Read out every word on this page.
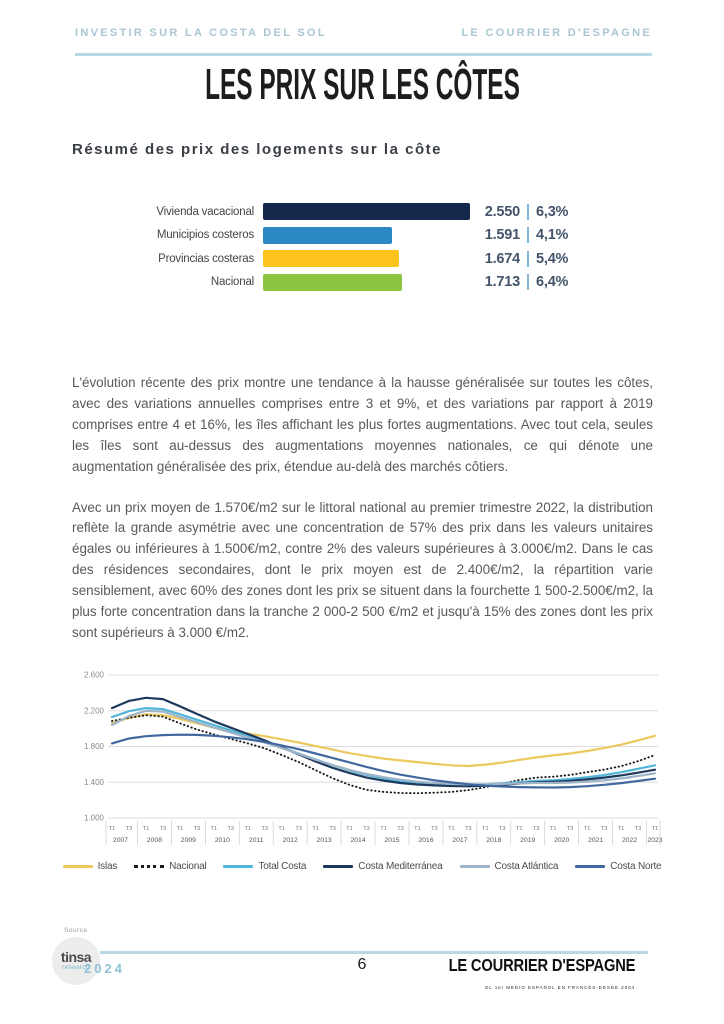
INVESTIR SUR LA COSTA DEL SOL	LE COURRIER D'ESPAGNE
LES PRIX SUR LES CÔTES
Résumé des prix des logements sur la côte
Vivienda vacacional	2.550 6,3%
Municipios costeros	1.591 4,1%
Provincias costeras	1.674 5,4%
Nacional	1.713 6,4%

L'évolution récente des prix montre une tendance à la hausse généralisée sur toutes les côtes, avec des variations annuelles comprises entre 3 et 9%, et des variations par rapport à 2019 comprises entre 4 et 16%, les îles affichant les plus fortes augmentations. Avec tout cela, seules les îles sont au-dessus des augmentations moyennes nationales, ce qui dénote une augmentation généralisée des prix, étendue au-delà des marchés côtiers.

Avec un prix moyen de 1.570€/m2 sur le littoral national au premier trimestre 2022, la distribution reflète la grande asymétrie avec une concentration de 57% des prix dans les valeurs unitaires égales ou inférieures à 1.500€/m2, contre 2% des valeurs supérieures à 3.000€/m2. Dans le cas des résidences secondaires, dont le prix moyen est de 2.400€/m2, la répartition varie sensiblement, avec 60% des zones dont les prix se situent dans la fourchette 1 500-2.500€/m2, la plus forte concentration dans la tranche 2 000-2 500 €/m2 et jusqu'à 15% des zones dont les prix sont supérieurs à 3.000 €/m2.

1.000
1.400
1.800
2.200
2.600
T1 T3 T1 T3 T1 T3 T1 T3 T1 T3 T1 T3 T1 T3 T1 T3 T1 T3 T1 T3 T1 T3 T1 T3 T1 T3 T1 T3 T1 T3 T1 T3 T1
2007	2008	2009	2010	2011	2012	2013	2014	2015	2016	2017	2018	2019	2020	2021	2022 2023
Islas	Nacional	Total Costa	Costa Mediterránea	Costa Atlántica	Costa Norte
Source
tinsa
research
2024	6	LE COURRIER D'ESPAGNE
EL 1er MEDIO ESPAÑOL EN FRANCÉS-DESDE 2004
